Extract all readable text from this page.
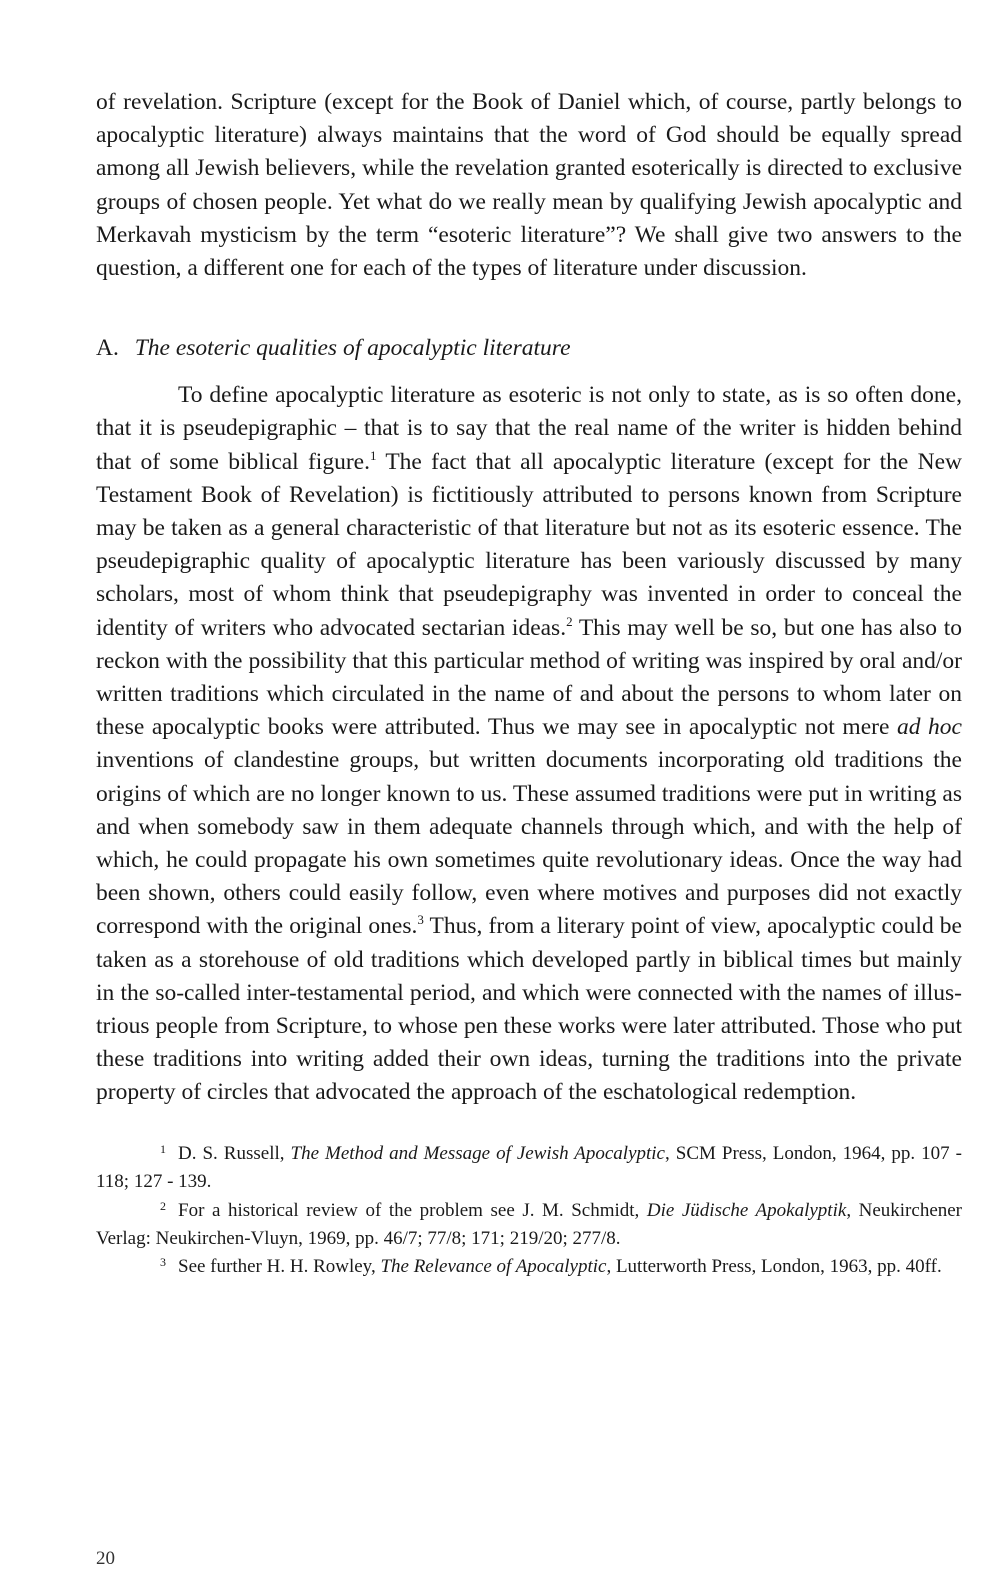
of revelation. Scripture (except for the Book of Daniel which, of course, partly belongs to apocalyptic literature) always maintains that the word of God should be equally spread among all Jewish believers, while the revelation granted esoterically is directed to exclusive groups of chosen people. Yet what do we really mean by qualifying Jewish apocalyptic and Merkavah mysticism by the term “esoteric literature”? We shall give two answers to the question, a different one for each of the types of literature under discussion.

A. The esoteric qualities of apocalyptic literature

To define apocalyptic literature as esoteric is not only to state, as is so often done, that it is pseudepigraphic – that is to say that the real name of the writer is hidden behind that of some biblical figure.$^1$ The fact that all apocalyptic literature (except for the New Testament Book of Revelation) is fictitiously attributed to persons known from Scripture may be taken as a general characteristic of that literature but not as its esoteric essence. The pseudepigraphic quality of apocalyptic literature has been variously discussed by many scholars, most of whom think that pseudepigraphy was invented in order to conceal the identity of writers who advocated sectarian ideas.$^2$ This may well be so, but one has also to reckon with the possibility that this particular method of writing was inspired by oral and/or written traditions which circulated in the name of and about the persons to whom later on these apocalyptic books were attributed. Thus we may see in apocalyptic not mere ad hoc inventions of clandestine groups, but written documents incorporating old traditions the origins of which are no longer known to us. These assumed traditions were put in writing as and when somebody saw in them adequate channels through which, and with the help of which, he could propagate his own sometimes quite revolutionary ideas. Once the way had been shown, others could easily follow, even where motives and purposes did not exactly correspond with the original ones.$^3$ Thus, from a literary point of view, apocalyptic could be taken as a storehouse of old traditions which developed partly in biblical times but mainly in the so-called inter-testamental period, and which were connected with the names of illustrious people from Scripture, to whose pen these works were later attributed. Those who put these traditions into writing added their own ideas, turning the traditions into the private property of circles that advocated the approach of the eschatological redemption.

$^1$ D. S. Russell, The Method and Message of Jewish Apocalyptic, SCM Press, London, 1964, pp. 107 - 118; 127 - 139.

$^2$ For a historical review of the problem see J. M. Schmidt, Die Jüdische Apokalyptik, Neukirchener Verlag: Neukirchen-Vluyn, 1969, pp. 46/7; 77/8; 171; 219/20; 277/8.

$^3$ See further H. H. Rowley, The Relevance of Apocalyptic, Lutterworth Press, London, 1963, pp. 40ff.

20
